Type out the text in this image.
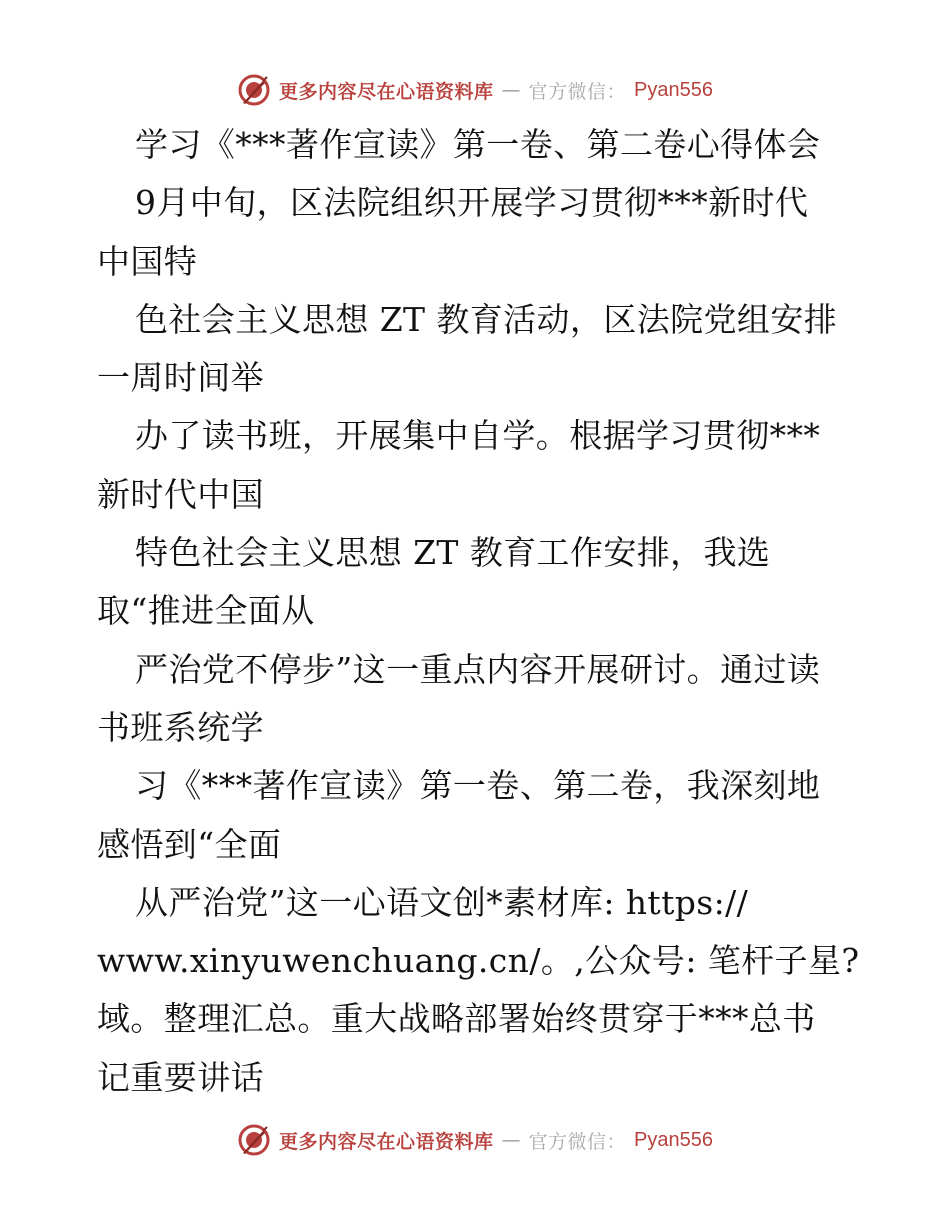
更多内容尽在心语资料库 — 官方微信： Pyan556
学习《***著作宣读》第一卷、第二卷心得体会
9月中旬，区法院组织开展学习贯彻***新时代
中国特
色社会主义思想 ZT 教育活动，区法院党组安排
一周时间举
办了读书班，开展集中自学。根据学习贯彻***
新时代中国
特色社会主义思想 ZT 教育工作安排，我选
取“推进全面从
严治党不停步”这一重点内容开展研讨。通过读
书班系统学
习《***著作宣读》第一卷、第二卷，我深刻地
感悟到“全面
从严治党”这一心语文创*素材库: https://
www.xinyuwenchuang.cn/。,公众号: 笔杆子星?
域。整理汇总。重大战略部署始终贯穿于***总书
记重要讲话
更多内容尽在心语资料库 — 官方微信： Pyan556
